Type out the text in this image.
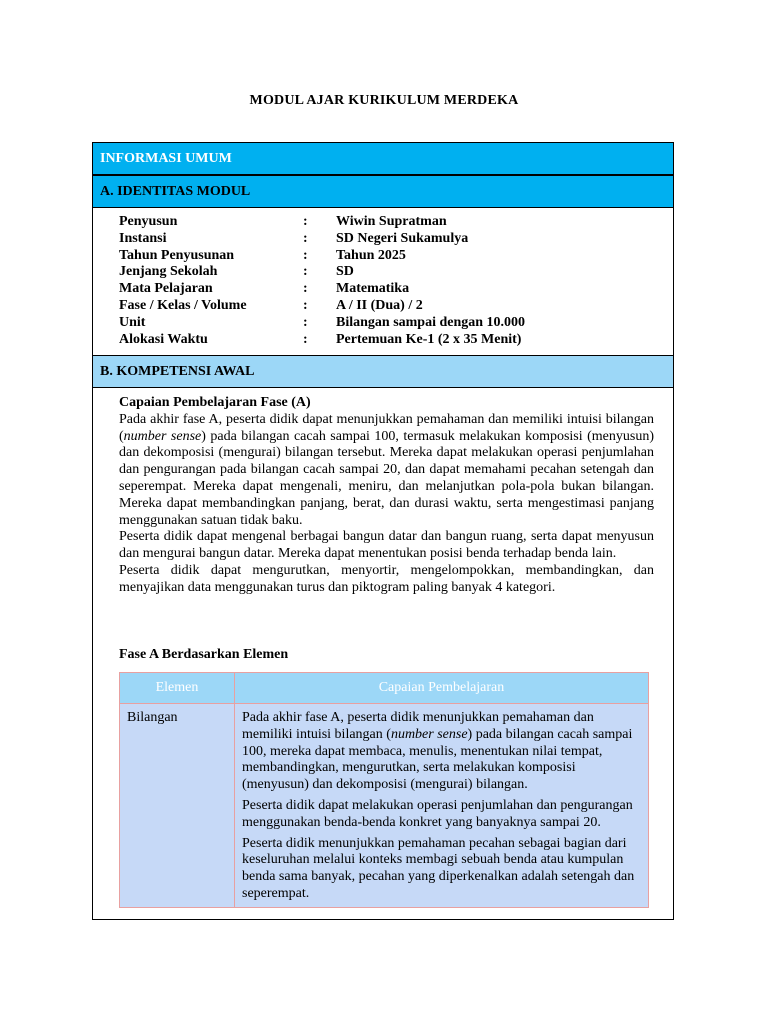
MODUL AJAR KURIKULUM MERDEKA
INFORMASI UMUM
A. IDENTITAS MODUL
Penyusun	:	Wiwin Supratman
Instansi	:	SD Negeri Sukamulya
Tahun Penyusunan	:	Tahun 2025
Jenjang Sekolah	:	SD
Mata Pelajaran	:	Matematika
Fase / Kelas / Volume	:	A / II (Dua) / 2
Unit	:	Bilangan sampai dengan 10.000
Alokasi Waktu	:	Pertemuan Ke-1 (2 x 35 Menit)
B. KOMPETENSI AWAL

Capaian Pembelajaran Fase (A)

Pada akhir fase A, peserta didik dapat menunjukkan pemahaman dan memiliki intuisi bilangan (number sense) pada bilangan cacah sampai 100, termasuk melakukan komposisi (menyusun) dan dekomposisi (mengurai) bilangan tersebut. Mereka dapat melakukan operasi penjumlahan dan pengurangan pada bilangan cacah sampai 20, dan dapat memahami pecahan setengah dan seperempat. Mereka dapat mengenali, meniru, dan melanjutkan pola-pola bukan bilangan. Mereka dapat membandingkan panjang, berat, dan durasi waktu, serta mengestimasi panjang menggunakan satuan tidak baku.

Peserta didik dapat mengenal berbagai bangun datar dan bangun ruang, serta dapat menyusun dan mengurai bangun datar. Mereka dapat menentukan posisi benda terhadap benda lain.

Peserta didik dapat mengurutkan, menyortir, mengelompokkan, membandingkan, dan menyajikan data menggunakan turus dan piktogram paling banyak 4 kategori.

Fase A Berdasarkan Elemen
Elemen	Capaian Pembelajaran
Bilangan	Pada akhir fase A, peserta didik menunjukkan pemahaman dan memiliki intuisi bilangan (number sense) pada bilangan cacah sampai 100, mereka dapat membaca, menulis, menentukan nilai tempat, membandingkan, mengurutkan, serta melakukan komposisi (menyusun) dan dekomposisi (mengurai) bilangan.

Peserta didik dapat melakukan operasi penjumlahan dan pengurangan menggunakan benda-benda konkret yang banyaknya sampai 20.

Peserta didik menunjukkan pemahaman pecahan sebagai bagian dari keseluruhan melalui konteks membagi sebuah benda atau kumpulan benda sama banyak, pecahan yang diperkenalkan adalah setengah dan seperempat.
